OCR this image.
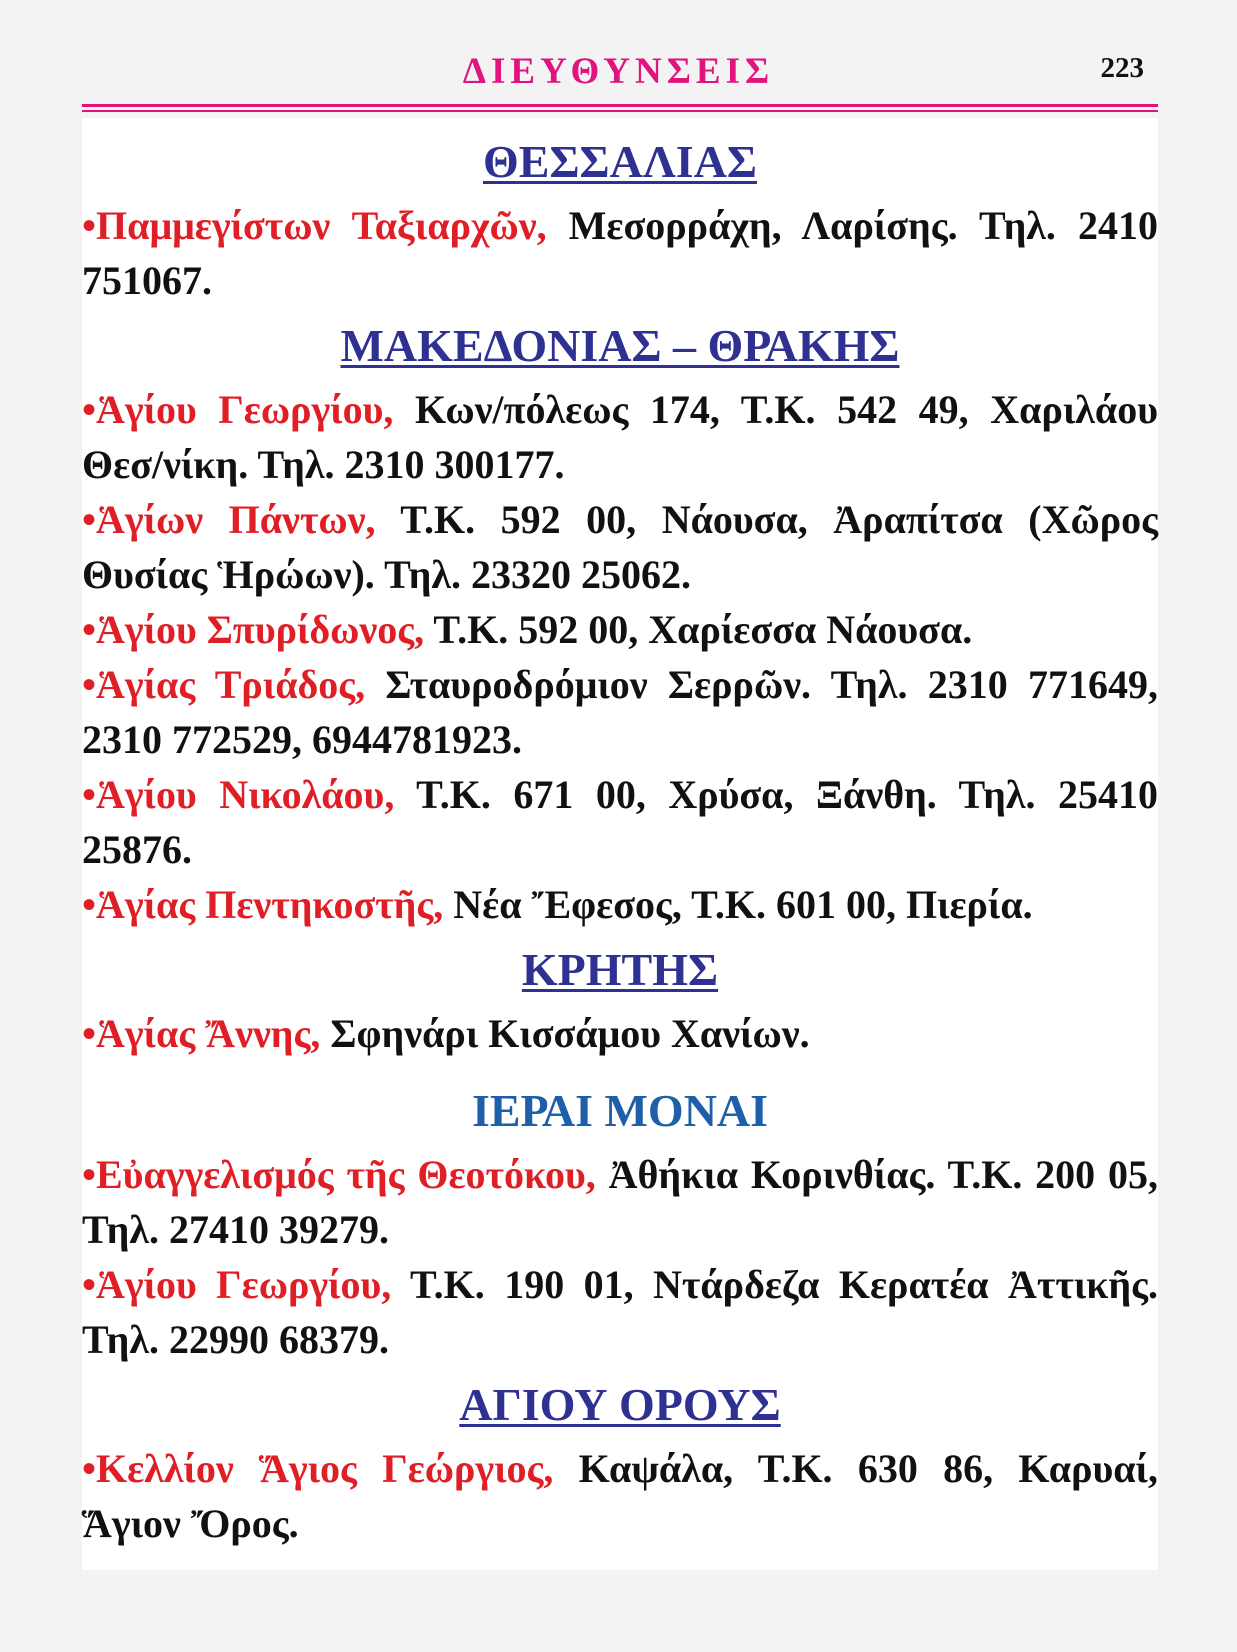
ΔΙΕΥΘΥΝΣΕΙΣ	223
ΘΕΣΣΑΛΙΑΣ
•Παμμεγίστων Ταξιαρχῶν, Μεσορράχη, Λαρίσης. Τηλ. 2410 751067.
ΜΑΚΕΔΟΝΙΑΣ – ΘΡΑΚΗΣ
•Ἁγίου Γεωργίου, Κων/πόλεως 174, Τ.Κ. 542 49, Χαριλάου Θεσ/νίκη. Τηλ. 2310 300177.
•Ἁγίων Πάντων, Τ.Κ. 592 00, Νάουσα, Ἀραπίτσα (Χῶρος Θυσίας Ἡρώων). Τηλ. 23320 25062.
•Ἁγίου Σπυρίδωνος, Τ.Κ. 592 00, Χαρίεσσα Νάουσα.
•Ἁγίας Τριάδος, Σταυροδρόμιον Σερρῶν. Τηλ. 2310 771649, 2310 772529, 6944781923.
•Ἁγίου Νικολάου, Τ.Κ. 671 00, Χρύσα, Ξάνθη. Τηλ. 25410 25876.
•Ἁγίας Πεντηκοστῆς, Νέα Ἔφεσος, Τ.Κ. 601 00, Πιερία.
ΚΡΗΤΗΣ
•Ἁγίας Ἄννης, Σφηνάρι Κισσάμου Χανίων.
ΙΕΡΑΙ ΜΟΝΑΙ
•Εὐαγγελισμός τῆς Θεοτόκου, Ἀθήκια Κορινθίας. Τ.Κ. 200 05, Τηλ. 27410 39279.
•Ἁγίου Γεωργίου, Τ.Κ. 190 01, Ντάρδεζα Κερατέα Ἀττικῆς. Τηλ. 22990 68379.
ΑΓΙΟΥ ΟΡΟΥΣ
•Κελλίον Ἅγιος Γεώργιος, Καψάλα, Τ.Κ. 630 86, Καρυαί, Ἅγιον Ὄρος.
